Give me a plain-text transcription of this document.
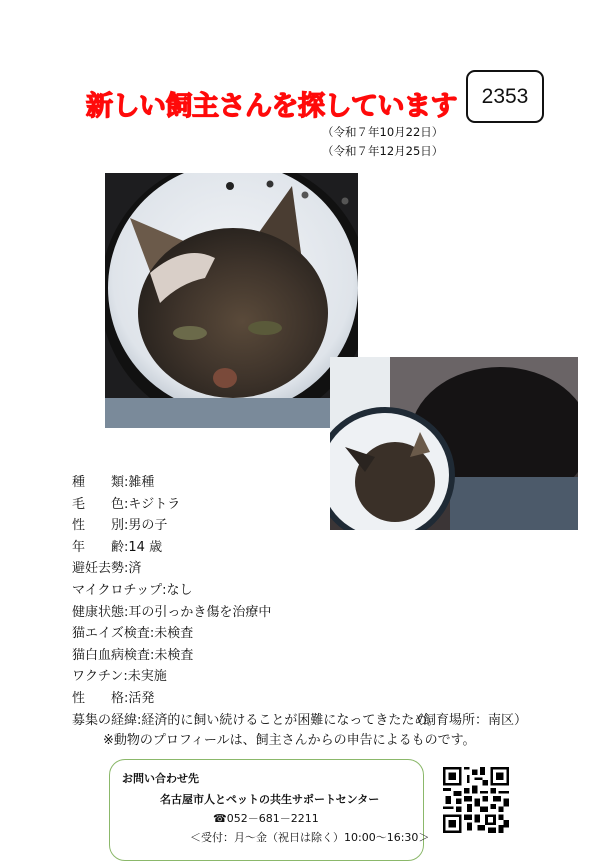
新しい飼主さんを探しています	2353
（令和７年10月22日）
（令和７年12月25日）
種 類 :雑種
毛 色 :キジトラ
性 別 :男の子
年 齢 :14 歳
避妊去勢:済
マイクロチップ:なし
健康状態:耳の引っかき傷を治療中
猫エイズ検査:未検査
猫白血病検査:未検査
ワクチン:未実施
性 格 :活発
募集の経緯:経済的に飼い続けることが困難になってきたため。
（飼育場所：南区）
※動物のプロフィールは、飼主さんからの申告によるものです。
お問い合わせ先
名古屋市人とペットの共生サポートセンター
☎052－681－2211
＜受付：月～金（祝日は除く）10:00～16:30＞
